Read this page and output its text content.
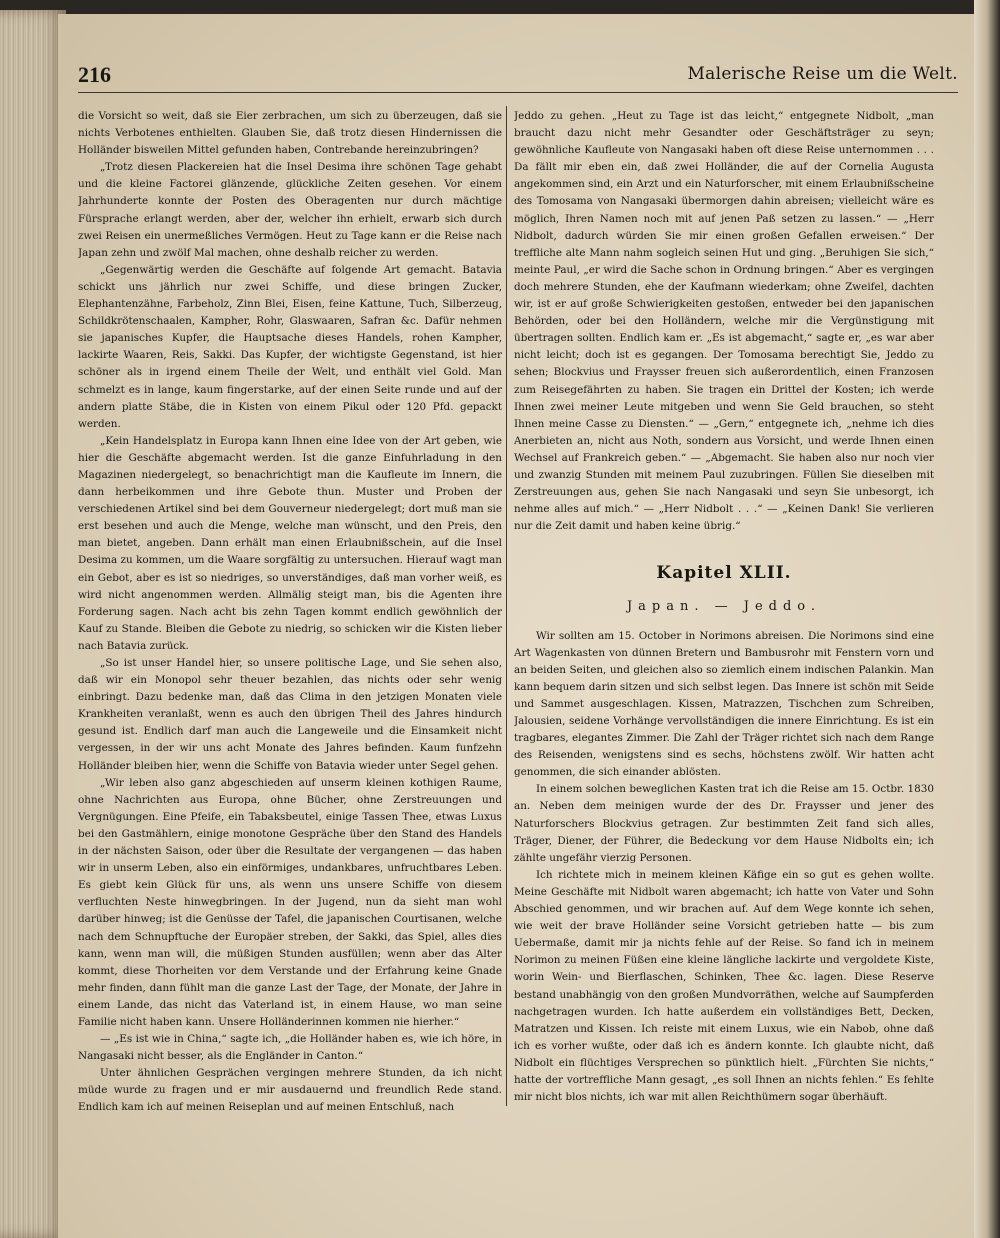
216	Malerische Reise um die Welt.

die Vorsicht so weit, daß sie Eier zerbrachen, um sich zu überzeugen, daß sie nichts Verbotenes enthielten. Glauben Sie, daß trotz diesen Hindernissen die Holländer bisweilen Mittel gefunden haben, Contrebande hereinzubringen?

„Trotz diesen Plackereien hat die Insel Desima ihre schönen Tage gehabt und die kleine Factorei glänzende, glückliche Zeiten gesehen. Vor einem Jahrhunderte konnte der Posten des Oberagenten nur durch mächtige Fürsprache erlangt werden, aber der, welcher ihn erhielt, erwarb sich durch zwei Reisen ein unermeßliches Vermögen. Heut zu Tage kann er die Reise nach Japan zehn und zwölf Mal machen, ohne deshalb reicher zu werden.

„Gegenwärtig werden die Geschäfte auf folgende Art gemacht. Batavia schickt uns jährlich nur zwei Schiffe, und diese bringen Zucker, Elephantenzähne, Farbeholz, Zinn Blei, Eisen, feine Kattune, Tuch, Silberzeug, Schildkrötenschaalen, Kampher, Rohr, Glaswaaren, Safran &c. Dafür nehmen sie japanisches Kupfer, die Hauptsache dieses Handels, rohen Kampher, lackirte Waaren, Reis, Sakki. Das Kupfer, der wichtigste Gegenstand, ist hier schöner als in irgend einem Theile der Welt, und enthält viel Gold. Man schmelzt es in lange, kaum fingerstarke, auf der einen Seite runde und auf der andern platte Stäbe, die in Kisten von einem Pikul oder 120 Pfd. gepackt werden.

„Kein Handelsplatz in Europa kann Ihnen eine Idee von der Art geben, wie hier die Geschäfte abgemacht werden. Ist die ganze Einfuhrladung in den Magazinen niedergelegt, so benachrichtigt man die Kaufleute im Innern, die dann herbeikommen und ihre Gebote thun. Muster und Proben der verschiedenen Artikel sind bei dem Gouverneur niedergelegt; dort muß man sie erst besehen und auch die Menge, welche man wünscht, und den Preis, den man bietet, angeben. Dann erhält man einen Erlaubnißschein, auf die Insel Desima zu kommen, um die Waare sorgfältig zu untersuchen. Hierauf wagt man ein Gebot, aber es ist so niedriges, so unverständiges, daß man vorher weiß, es wird nicht angenommen werden. Allmälig steigt man, bis die Agenten ihre Forderung sagen. Nach acht bis zehn Tagen kommt endlich gewöhnlich der Kauf zu Stande. Bleiben die Gebote zu niedrig, so schicken wir die Kisten lieber nach Batavia zurück.

„So ist unser Handel hier, so unsere politische Lage, und Sie sehen also, daß wir ein Monopol sehr theuer bezahlen, das nichts oder sehr wenig einbringt. Dazu bedenke man, daß das Clima in den jetzigen Monaten viele Krankheiten veranlaßt, wenn es auch den übrigen Theil des Jahres hindurch gesund ist. Endlich darf man auch die Langeweile und die Einsamkeit nicht vergessen, in der wir uns acht Monate des Jahres befinden. Kaum funfzehn Holländer bleiben hier, wenn die Schiffe von Batavia wieder unter Segel gehen.

„Wir leben also ganz abgeschieden auf unserm kleinen kothigen Raume, ohne Nachrichten aus Europa, ohne Bücher, ohne Zerstreuungen und Vergnügungen. Eine Pfeife, ein Tabaksbeutel, einige Tassen Thee, etwas Luxus bei den Gastmählern, einige monotone Gespräche über den Stand des Handels in der nächsten Saison, oder über die Resultate der vergangenen — das haben wir in unserm Leben, also ein einförmiges, undankbares, unfruchtbares Leben. Es giebt kein Glück für uns, als wenn uns unsere Schiffe von diesem verfluchten Neste hinwegbringen. In der Jugend, nun da sieht man wohl darüber hinweg; ist die Genüsse der Tafel, die japanischen Courtisanen, welche nach dem Schnupftuche der Europäer streben, der Sakki, das Spiel, alles dies kann, wenn man will, die müßigen Stunden ausfüllen; wenn aber das Alter kommt, diese Thorheiten vor dem Verstande und der Erfahrung keine Gnade mehr finden, dann fühlt man die ganze Last der Tage, der Monate, der Jahre in einem Lande, das nicht das Vaterland ist, in einem Hause, wo man seine Familie nicht haben kann. Unsere Holländerinnen kommen nie hierher.“

— „Es ist wie in China,“ sagte ich, „die Holländer haben es, wie ich höre, in Nangasaki nicht besser, als die Engländer in Canton.“

Unter ähnlichen Gesprächen vergingen mehrere Stunden, da ich nicht müde wurde zu fragen und er mir ausdauernd und freundlich Rede stand. Endlich kam ich auf meinen Reiseplan und auf meinen Entschluß, nach

Jeddo zu gehen. „Heut zu Tage ist das leicht,“ entgegnete Nidbolt, „man braucht dazu nicht mehr Gesandter oder Geschäftsträger zu seyn; gewöhnliche Kaufleute von Nangasaki haben oft diese Reise unternommen . . . Da fällt mir eben ein, daß zwei Holländer, die auf der Cornelia Augusta angekommen sind, ein Arzt und ein Naturforscher, mit einem Erlaubnißscheine des Tomosama von Nangasaki übermorgen dahin abreisen; vielleicht wäre es möglich, Ihren Namen noch mit auf jenen Paß setzen zu lassen.“ — „Herr Nidbolt, dadurch würden Sie mir einen großen Gefallen erweisen.“ Der treffliche alte Mann nahm sogleich seinen Hut und ging. „Beruhigen Sie sich,“ meinte Paul, „er wird die Sache schon in Ordnung bringen.“ Aber es vergingen doch mehrere Stunden, ehe der Kaufmann wiederkam; ohne Zweifel, dachten wir, ist er auf große Schwierigkeiten gestoßen, entweder bei den japanischen Behörden, oder bei den Holländern, welche mir die Vergünstigung mit übertragen sollten. Endlich kam er. „Es ist abgemacht,“ sagte er, „es war aber nicht leicht; doch ist es gegangen. Der Tomosama berechtigt Sie, Jeddo zu sehen; Blockvius und Fraysser freuen sich außerordentlich, einen Franzosen zum Reisegefährten zu haben. Sie tragen ein Drittel der Kosten; ich werde Ihnen zwei meiner Leute mitgeben und wenn Sie Geld brauchen, so steht Ihnen meine Casse zu Diensten.“ — „Gern,“ entgegnete ich, „nehme ich dies Anerbieten an, nicht aus Noth, sondern aus Vorsicht, und werde Ihnen einen Wechsel auf Frankreich geben.“ — „Abgemacht. Sie haben also nur noch vier und zwanzig Stunden mit meinem Paul zuzubringen. Füllen Sie dieselben mit Zerstreuungen aus, gehen Sie nach Nangasaki und seyn Sie unbesorgt, ich nehme alles auf mich.“ — „Herr Nidbolt . . .“ — „Keinen Dank! Sie verlieren nur die Zeit damit und haben keine übrig.“

Kapitel XLII.
Japan. — Jeddo.

Wir sollten am 15. October in Norimons abreisen. Die Norimons sind eine Art Wagenkasten von dünnen Bretern und Bambusrohr mit Fenstern vorn und an beiden Seiten, und gleichen also so ziemlich einem indischen Palankin. Man kann bequem darin sitzen und sich selbst legen. Das Innere ist schön mit Seide und Sammet ausgeschlagen. Kissen, Matrazzen, Tischchen zum Schreiben, Jalousien, seidene Vorhänge vervollständigen die innere Einrichtung. Es ist ein tragbares, elegantes Zimmer. Die Zahl der Träger richtet sich nach dem Range des Reisenden, wenigstens sind es sechs, höchstens zwölf. Wir hatten acht genommen, die sich einander ablösten.

In einem solchen beweglichen Kasten trat ich die Reise am 15. Octbr. 1830 an. Neben dem meinigen wurde der des Dr. Fraysser und jener des Naturforschers Blockvius getragen. Zur bestimmten Zeit fand sich alles, Träger, Diener, der Führer, die Bedeckung vor dem Hause Nidbolts ein; ich zählte ungefähr vierzig Personen.

Ich richtete mich in meinem kleinen Käfige ein so gut es gehen wollte. Meine Geschäfte mit Nidbolt waren abgemacht; ich hatte von Vater und Sohn Abschied genommen, und wir brachen auf. Auf dem Wege konnte ich sehen, wie weit der brave Holländer seine Vorsicht getrieben hatte — bis zum Uebermaße, damit mir ja nichts fehle auf der Reise. So fand ich in meinem Norimon zu meinen Füßen eine kleine längliche lackirte und vergoldete Kiste, worin Wein- und Bierflaschen, Schinken, Thee &c. lagen. Diese Reserve bestand unabhängig von den großen Mundvorräthen, welche auf Saumpferden nachgetragen wurden. Ich hatte außerdem ein vollständiges Bett, Decken, Matratzen und Kissen. Ich reiste mit einem Luxus, wie ein Nabob, ohne daß ich es vorher wußte, oder daß ich es ändern konnte. Ich glaubte nicht, daß Nidbolt ein flüchtiges Versprechen so pünktlich hielt. „Fürchten Sie nichts,“ hatte der vortreffliche Mann gesagt, „es soll Ihnen an nichts fehlen.“ Es fehlte mir nicht blos nichts, ich war mit allen Reichthümern sogar überhäuft.
